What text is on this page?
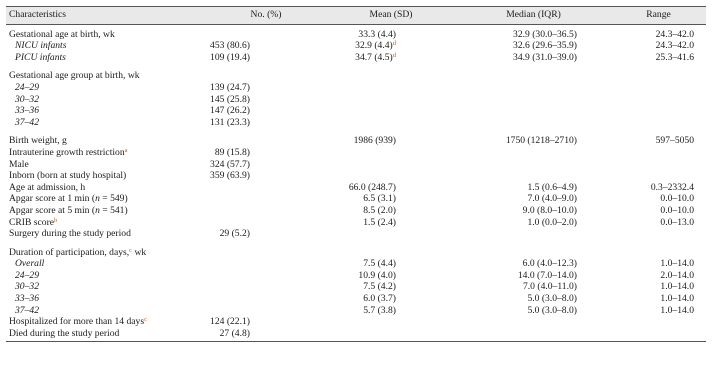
Characteristics	No. (%)	Mean (SD)	Median (IQR)	Range
Gestational age at birth, wk		33.3 (4.4)	32.9 (30.0–36.5)	24.3–42.0
NICU infants	453 (80.6)	32.9 $(4.4)^d$	32.6 (29.6–35.9)	24.3–42.0
PICU infants	109 (19.4)	34.7 $(4.5)^d$	34.9 (31.0–39.0)	25.3–41.6

Gestational age group at birth, wk				
24–29	139 (24.7)			
30–32	145 (25.8)			
33–36	147 (26.2)			
37–42	131 (23.3)			

Birth weight, g		1986 (939)	1750 (1218–2710)	597–5050
Intrauterine growth restriction$^a$	89 (15.8)			
Male	324 (57.7)			
Inborn (born at study hospital)	359 (63.9)			
Age at admission, h		66.0 (248.7)	1.5 (0.6–4.9)	0.3–2332.4
Apgar score at 1 min (n = 549)		6.5 (3.1)	7.0 (4.0–9.0)	0.0–10.0
Apgar score at 5 min (n = 541)		8.5 (2.0)	9.0 (8.0–10.0)	0.0–10.0
CRIB score$^b$		1.5 (2.4)	1.0 (0.0–2.0)	0.0–13.0
Surgery during the study period	29 (5.2)			

Duration of participation, days,$^c$ wk				
Overall		7.5 (4.4)	6.0 (4.0–12.3)	1.0–14.0
24–29		10.9 (4.0)	14.0 (7.0–14.0)	2.0–14.0
30–32		7.5 (4.2)	7.0 (4.0–11.0)	1.0–14.0
33–36		6.0 (3.7)	5.0 (3.0–8.0)	1.0–14.0
37–42		5.7 (3.8)	5.0 (3.0–8.0)	1.0–14.0
Hospitalized for more than 14 days$^c$	124 (22.1)			
Died during the study period	27 (4.8)			
